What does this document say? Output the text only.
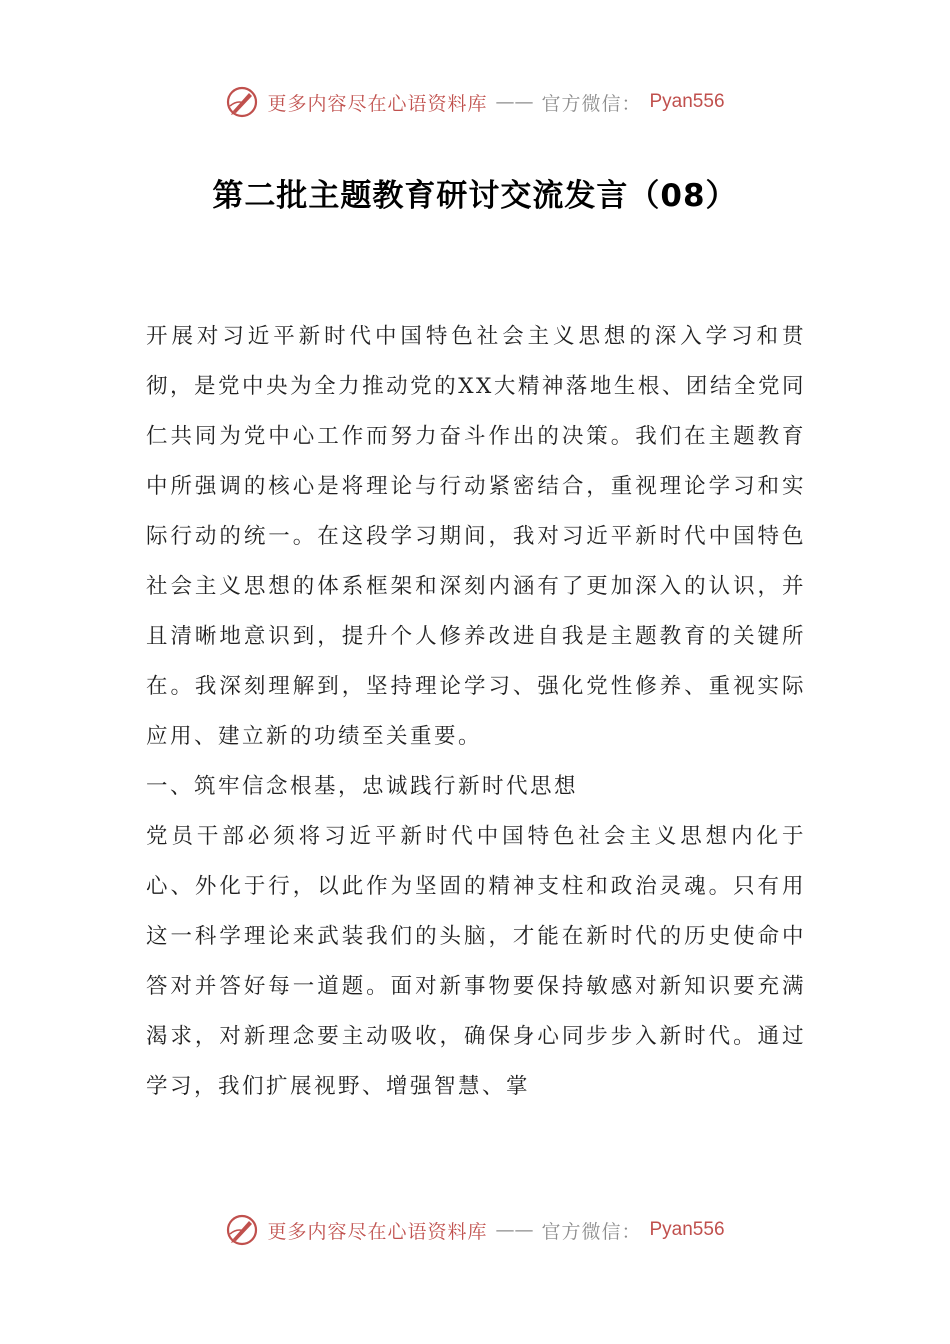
更多内容尽在心语资料库 —— 官方微信： Pyan556
第二批主题教育研讨交流发言（08）

开展对习近平新时代中国特色社会主义思想的深入学习和贯彻，是党中央为全力推动党的XX大精神落地生根、团结全党同仁共同为党中心工作而努力奋斗作出的决策。我们在主题教育中所强调的核心是将理论与行动紧密结合，重视理论学习和实际行动的统一。在这段学习期间，我对习近平新时代中国特色社会主义思想的体系框架和深刻内涵有了更加深入的认识，并且清晰地意识到，提升个人修养改进自我是主题教育的关键所在。我深刻理解到，坚持理论学习、强化党性修养、重视实际应用、建立新的功绩至关重要。

一、筑牢信念根基，忠诚践行新时代思想

党员干部必须将习近平新时代中国特色社会主义思想内化于心、外化于行，以此作为坚固的精神支柱和政治灵魂。只有用这一科学理论来武装我们的头脑，才能在新时代的历史使命中答对并答好每一道题。面对新事物要保持敏感对新知识要充满渴求，对新理念要主动吸收，确保身心同步步入新时代。通过学习，我们扩展视野、增强智慧、掌

更多内容尽在心语资料库 —— 官方微信： Pyan556
